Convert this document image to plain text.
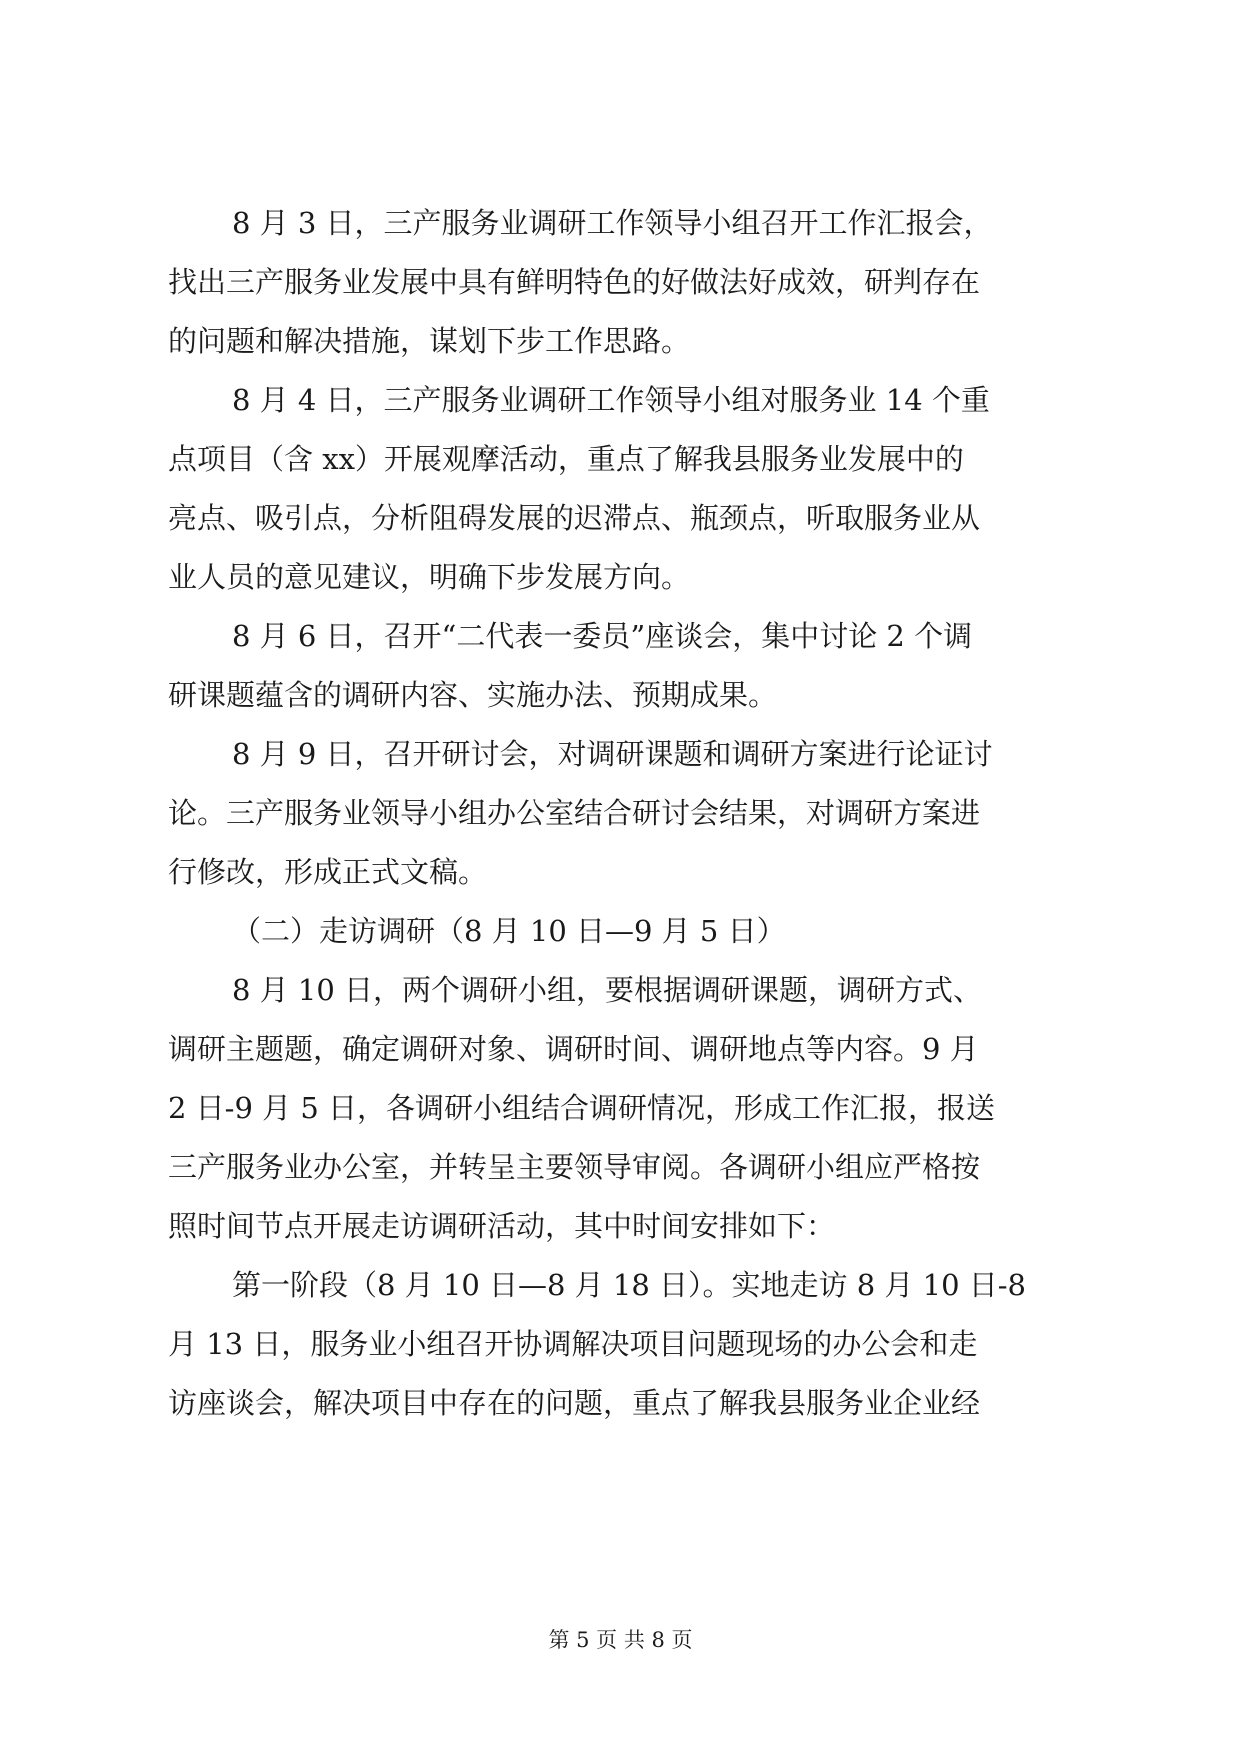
8 月 3 日，三产服务业调研工作领导小组召开工作汇报会，
找出三产服务业发展中具有鲜明特色的好做法好成效，研判存在
的问题和解决措施，谋划下步工作思路。
8 月 4 日，三产服务业调研工作领导小组对服务业 14 个重
点项目（含 xx）开展观摩活动，重点了解我县服务业发展中的
亮点、吸引点，分析阻碍发展的迟滞点、瓶颈点，听取服务业从
业人员的意见建议，明确下步发展方向。
8 月 6 日，召开“二代表一委员”座谈会，集中讨论 2 个调
研课题蕴含的调研内容、实施办法、预期成果。
8 月 9 日，召开研讨会，对调研课题和调研方案进行论证讨
论。三产服务业领导小组办公室结合研讨会结果，对调研方案进
行修改，形成正式文稿。
（二）走访调研（8 月 10 日—9 月 5 日）
8 月 10 日，两个调研小组，要根据调研课题，调研方式、
调研主题题，确定调研对象、调研时间、调研地点等内容。9 月
2 日-9 月 5 日，各调研小组结合调研情况，形成工作汇报，报送
三产服务业办公室，并转呈主要领导审阅。各调研小组应严格按
照时间节点开展走访调研活动，其中时间安排如下：
第一阶段（8 月 10 日—8 月 18 日）。实地走访 8 月 10 日-8
月 13 日，服务业小组召开协调解决项目问题现场的办公会和走
访座谈会，解决项目中存在的问题，重点了解我县服务业企业经
第 5 页 共 8 页
